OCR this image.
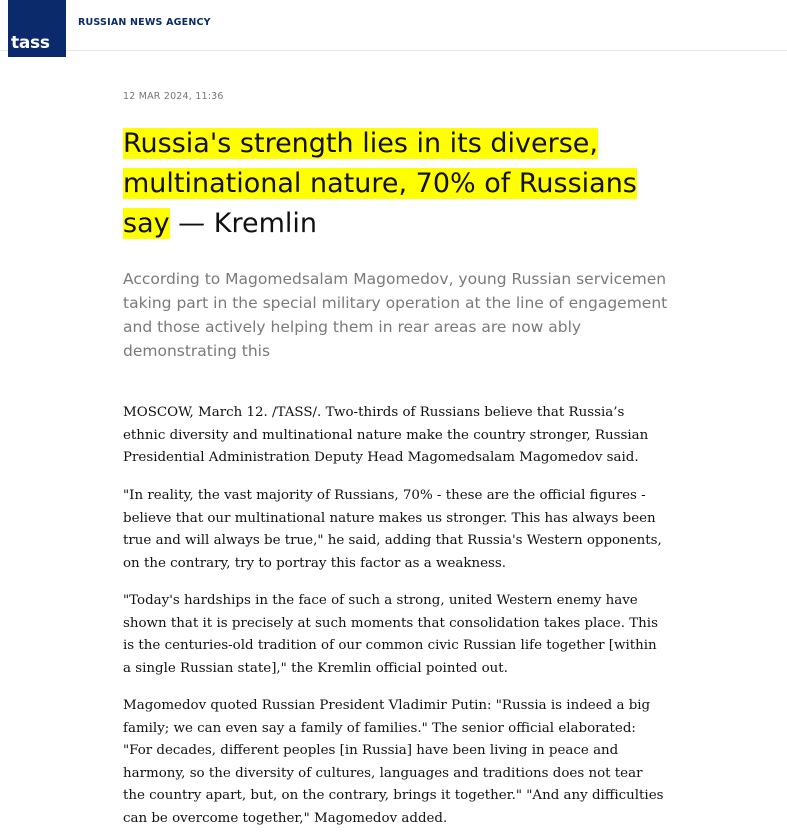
tass
RUSSIAN NEWS AGENCY
12 MAR 2024, 11:36
Russia's strength lies in its diverse, multinational nature, 70% of Russians say — Kremlin

According to Magomedsalam Magomedov, young Russian servicemen taking part in the special military operation at the line of engagement and those actively helping them in rear areas are now ably demonstrating this

MOSCOW, March 12. /TASS/. Two-thirds of Russians believe that Russia’s ethnic diversity and multinational nature make the country stronger, Russian Presidential Administration Deputy Head Magomedsalam Magomedov said.

"In reality, the vast majority of Russians, 70% - these are the official figures - believe that our multinational nature makes us stronger. This has always been true and will always be true," he said, adding that Russia's Western opponents, on the contrary, try to portray this factor as a weakness.

"Today's hardships in the face of such a strong, united Western enemy have shown that it is precisely at such moments that consolidation takes place. This is the centuries-old tradition of our common civic Russian life together [within a single Russian state]," the Kremlin official pointed out.

Magomedov quoted Russian President Vladimir Putin: "Russia is indeed a big family; we can even say a family of families." The senior official elaborated: "For decades, different peoples [in Russia] have been living in peace and harmony, so the diversity of cultures, languages and traditions does not tear the country apart, but, on the contrary, brings it together." "And any difficulties can be overcome together," Magomedov added.
